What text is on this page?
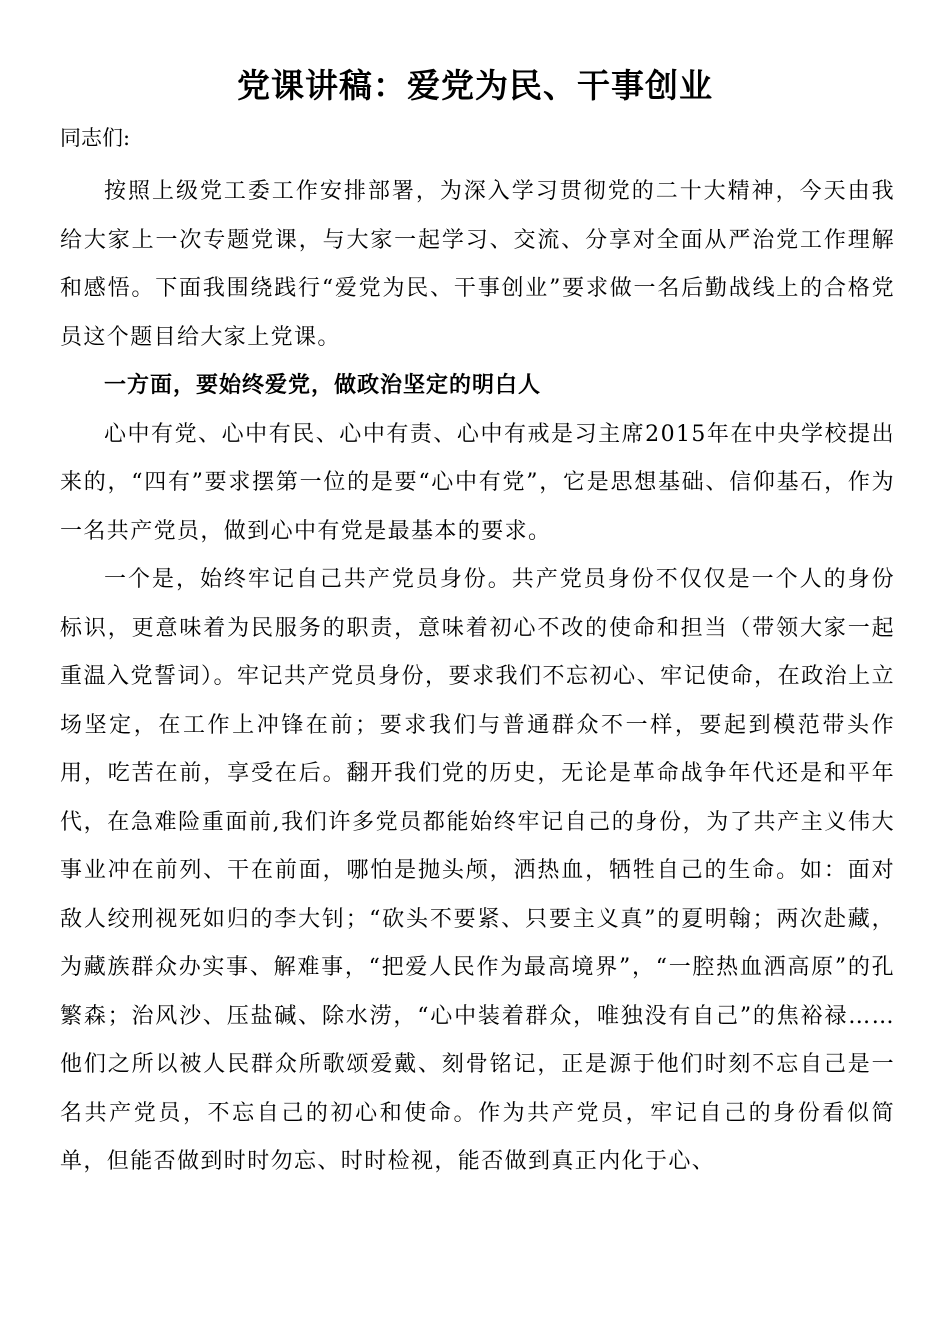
党课讲稿：爱党为民、干事创业
同志们:

按照上级党工委工作安排部署，为深入学习贯彻党的二十大精神，今天由我给大家上一次专题党课，与大家一起学习、交流、分享对全面从严治党工作理解和感悟。下面我围绕践行“爱党为民、干事创业”要求做一名后勤战线上的合格党员这个题目给大家上党课。

一方面，要始终爱党，做政治坚定的明白人

心中有党、心中有民、心中有责、心中有戒是习主席2015年在中央学校提出来的，“四有”要求摆第一位的是要“心中有党”，它是思想基础、信仰基石，作为一名共产党员，做到心中有党是最基本的要求。

一个是，始终牢记自己共产党员身份。共产党员身份不仅仅是一个人的身份标识，更意味着为民服务的职责，意味着初心不改的使命和担当（带领大家一起重温入党誓词）。牢记共产党员身份，要求我们不忘初心、牢记使命，在政治上立场坚定，在工作上冲锋在前；要求我们与普通群众不一样，要起到模范带头作用，吃苦在前，享受在后。翻开我们党的历史，无论是革命战争年代还是和平年代，在急难险重面前,我们许多党员都能始终牢记自己的身份，为了共产主义伟大事业冲在前列、干在前面，哪怕是抛头颅，洒热血，牺牲自己的生命。如：面对敌人绞刑视死如归的李大钊；“砍头不要紧、只要主义真”的夏明翰；两次赴藏，为藏族群众办实事、解难事，“把爱人民作为最高境界”，“一腔热血洒高原”的孔繁森；治风沙、压盐碱、除水涝，“心中装着群众，唯独没有自己”的焦裕禄……他们之所以被人民群众所歌颂爱戴、刻骨铭记，正是源于他们时刻不忘自己是一名共产党员，不忘自己的初心和使命。作为共产党员，牢记自己的身份看似简单，但能否做到时时勿忘、时时检视，能否做到真正内化于心、
